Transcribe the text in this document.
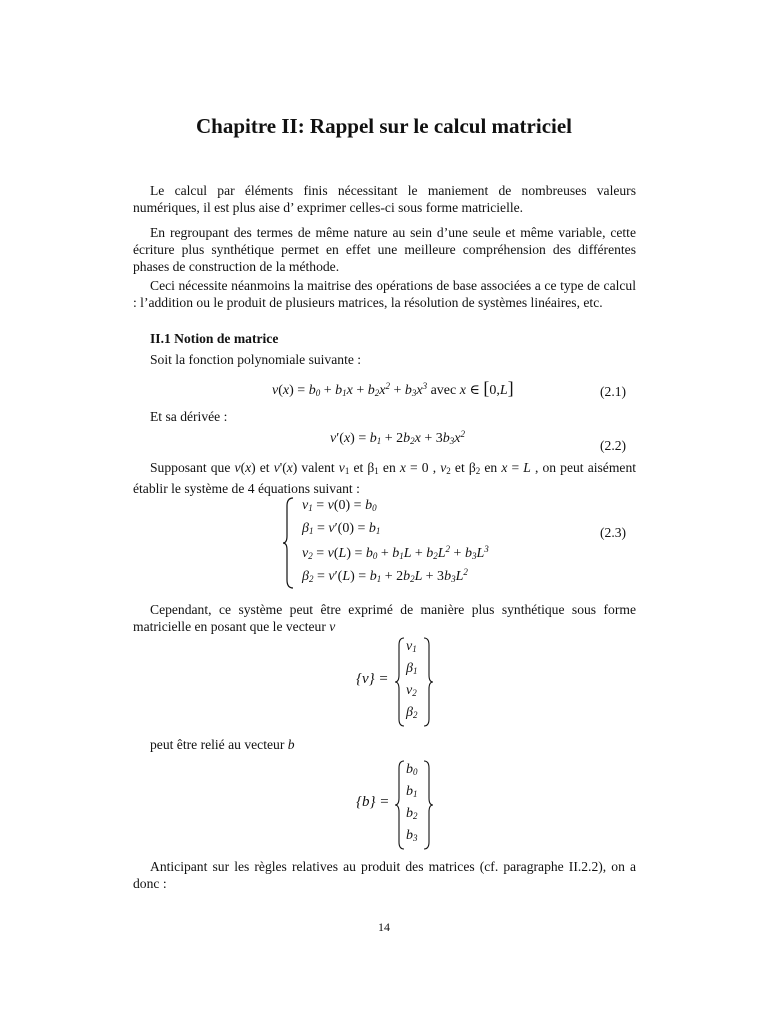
Chapitre II: Rappel sur le calcul matriciel
Le calcul par éléments finis nécessitant le maniement de nombreuses valeurs numériques, il est plus aise d’ exprimer celles-ci sous forme matricielle.
En regroupant des termes de même nature au sein d’une seule et même variable, cette écriture plus synthétique permet en effet une meilleure compréhension des différentes phases de construction de la méthode.
Ceci nécessite néanmoins la maitrise des opérations de base associées a ce type de calcul : l’addition ou le produit de plusieurs matrices, la résolution de systèmes linéaires, etc.
II.1 Notion de matrice
Soit la fonction polynomiale suivante :
$v(x) = b_0 + b_1x + b_2x^2 + b_3x^3$ avec x ∈ [0,L]	(2.1)
Et sa dérivée :
$v'(x) = b_1 + 2b_2x + 3b_3x^2$
(2.2)
Supposant que v(x) et v'(x) valent $v_1$ et $\beta_1$ en x = 0 , $v_2$ et $\beta_2$ en x = L , on peut aisément établir le système de 4 équations suivant :
$v_1 = v(0) = b_0$
$\beta_1 = v'(0) = b_1$
$v_2 = v(L) = b_0 + b_1L + b_2L^2 + b_3L^3$
$\beta_2 = v'(L) = b_1 + 2b_2L + 3b_3L^2$
(2.3)
Cependant, ce système peut être exprimé de manière plus synthétique sous forme matricielle en posant que le vecteur v
{v} =
$v_1$
$\beta_1$
$v_2$
$\beta_2$
peut être relié au vecteur b
{b} =
$b_0$
$b_1$
$b_2$
$b_3$
Anticipant sur les règles relatives au produit des matrices (cf. paragraphe II.2.2), on a donc :
14
